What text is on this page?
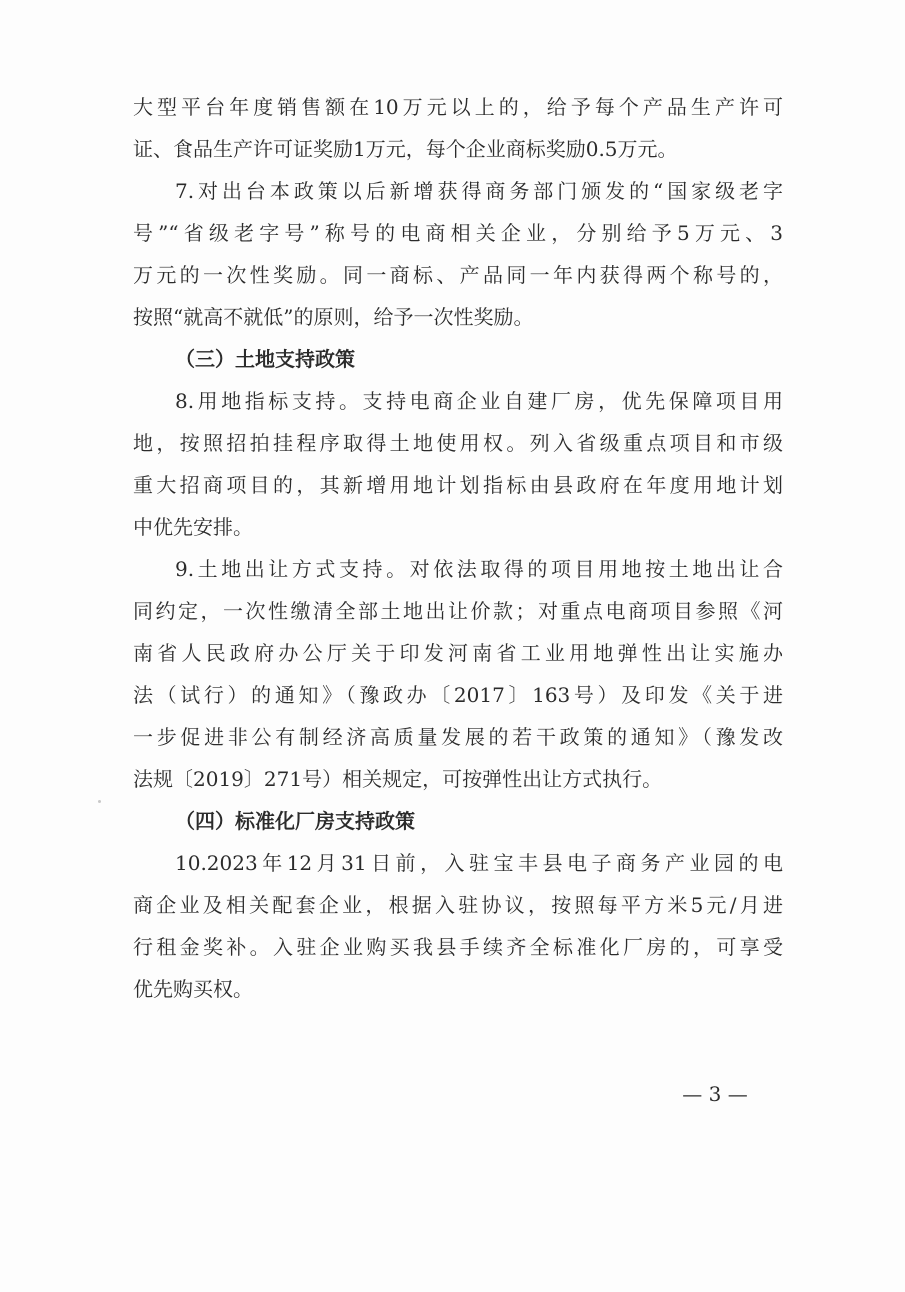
大型平台年度销售额在10万元以上的，给予每个产品生产许可
证、食品生产许可证奖励1万元，每个企业商标奖励0.5万元。
7.对出台本政策以后新增获得商务部门颁发的“国家级老字
号”“省级老字号”称号的电商相关企业，分别给予5万元、3
万元的一次性奖励。同一商标、产品同一年内获得两个称号的，
按照“就高不就低”的原则，给予一次性奖励。
（三）土地支持政策
8.用地指标支持。支持电商企业自建厂房，优先保障项目用
地，按照招拍挂程序取得土地使用权。列入省级重点项目和市级
重大招商项目的，其新增用地计划指标由县政府在年度用地计划
中优先安排。
9.土地出让方式支持。对依法取得的项目用地按土地出让合
同约定，一次性缴清全部土地出让价款；对重点电商项目参照《河
南省人民政府办公厅关于印发河南省工业用地弹性出让实施办
法（试行）的通知》（豫政办〔2017〕163号）及印发《关于进
一步促进非公有制经济高质量发展的若干政策的通知》（豫发改
法规〔2019〕271号）相关规定，可按弹性出让方式执行。
（四）标准化厂房支持政策
10.2023年12月31日前，入驻宝丰县电子商务产业园的电
商企业及相关配套企业，根据入驻协议，按照每平方米5元/月进
行租金奖补。入驻企业购买我县手续齐全标准化厂房的，可享受
优先购买权。
— 3 —
